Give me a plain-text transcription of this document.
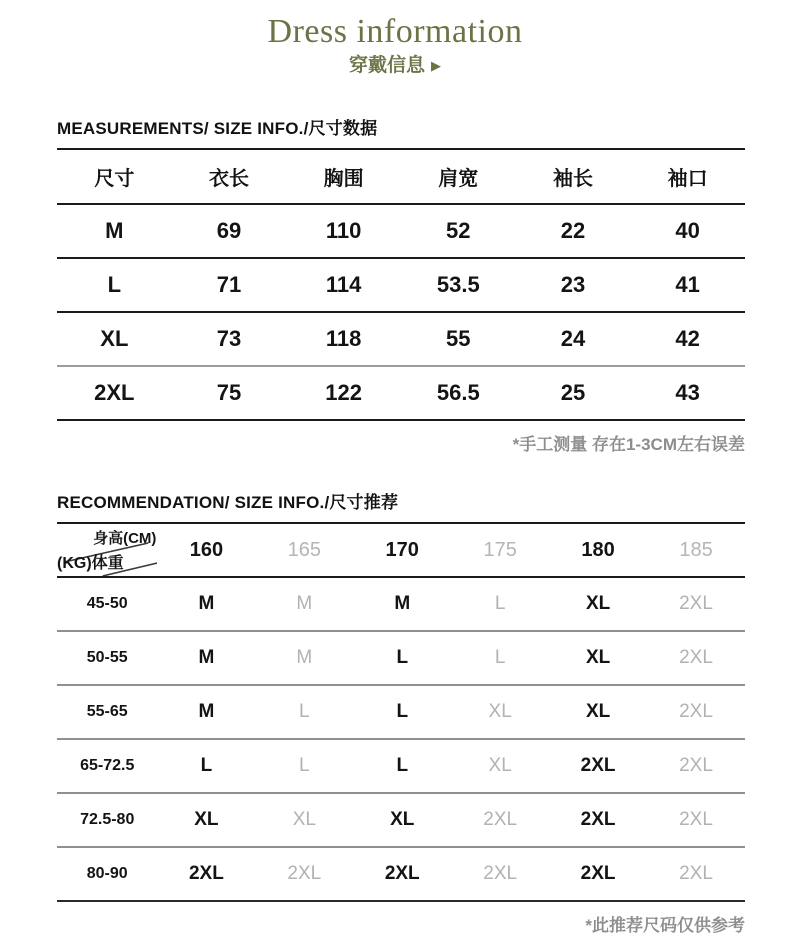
Dress information
穿戴信息 ▶
MEASUREMENTS/ SIZE INFO./尺寸数据
尺寸	衣长	胸围	肩宽	袖长	袖口
M	69	110	52	22	40
L	71	114	53.5	23	41
XL	73	118	55	24	42
2XL	75	122	56.5	25	43
*手工测量 存在1-3CM左右误差
RECOMMENDATION/ SIZE INFO./尺寸推荐
身高(CM)
(KG)体重	160	165	170	175	180	185
45-50	M	M	M	L	XL	2XL
50-55	M	M	L	L	XL	2XL
55-65	M	L	L	XL	XL	2XL
65-72.5	L	L	L	XL	2XL	2XL
72.5-80	XL	XL	XL	2XL	2XL	2XL
80-90	2XL	2XL	2XL	2XL	2XL	2XL
*此推荐尺码仅供参考
